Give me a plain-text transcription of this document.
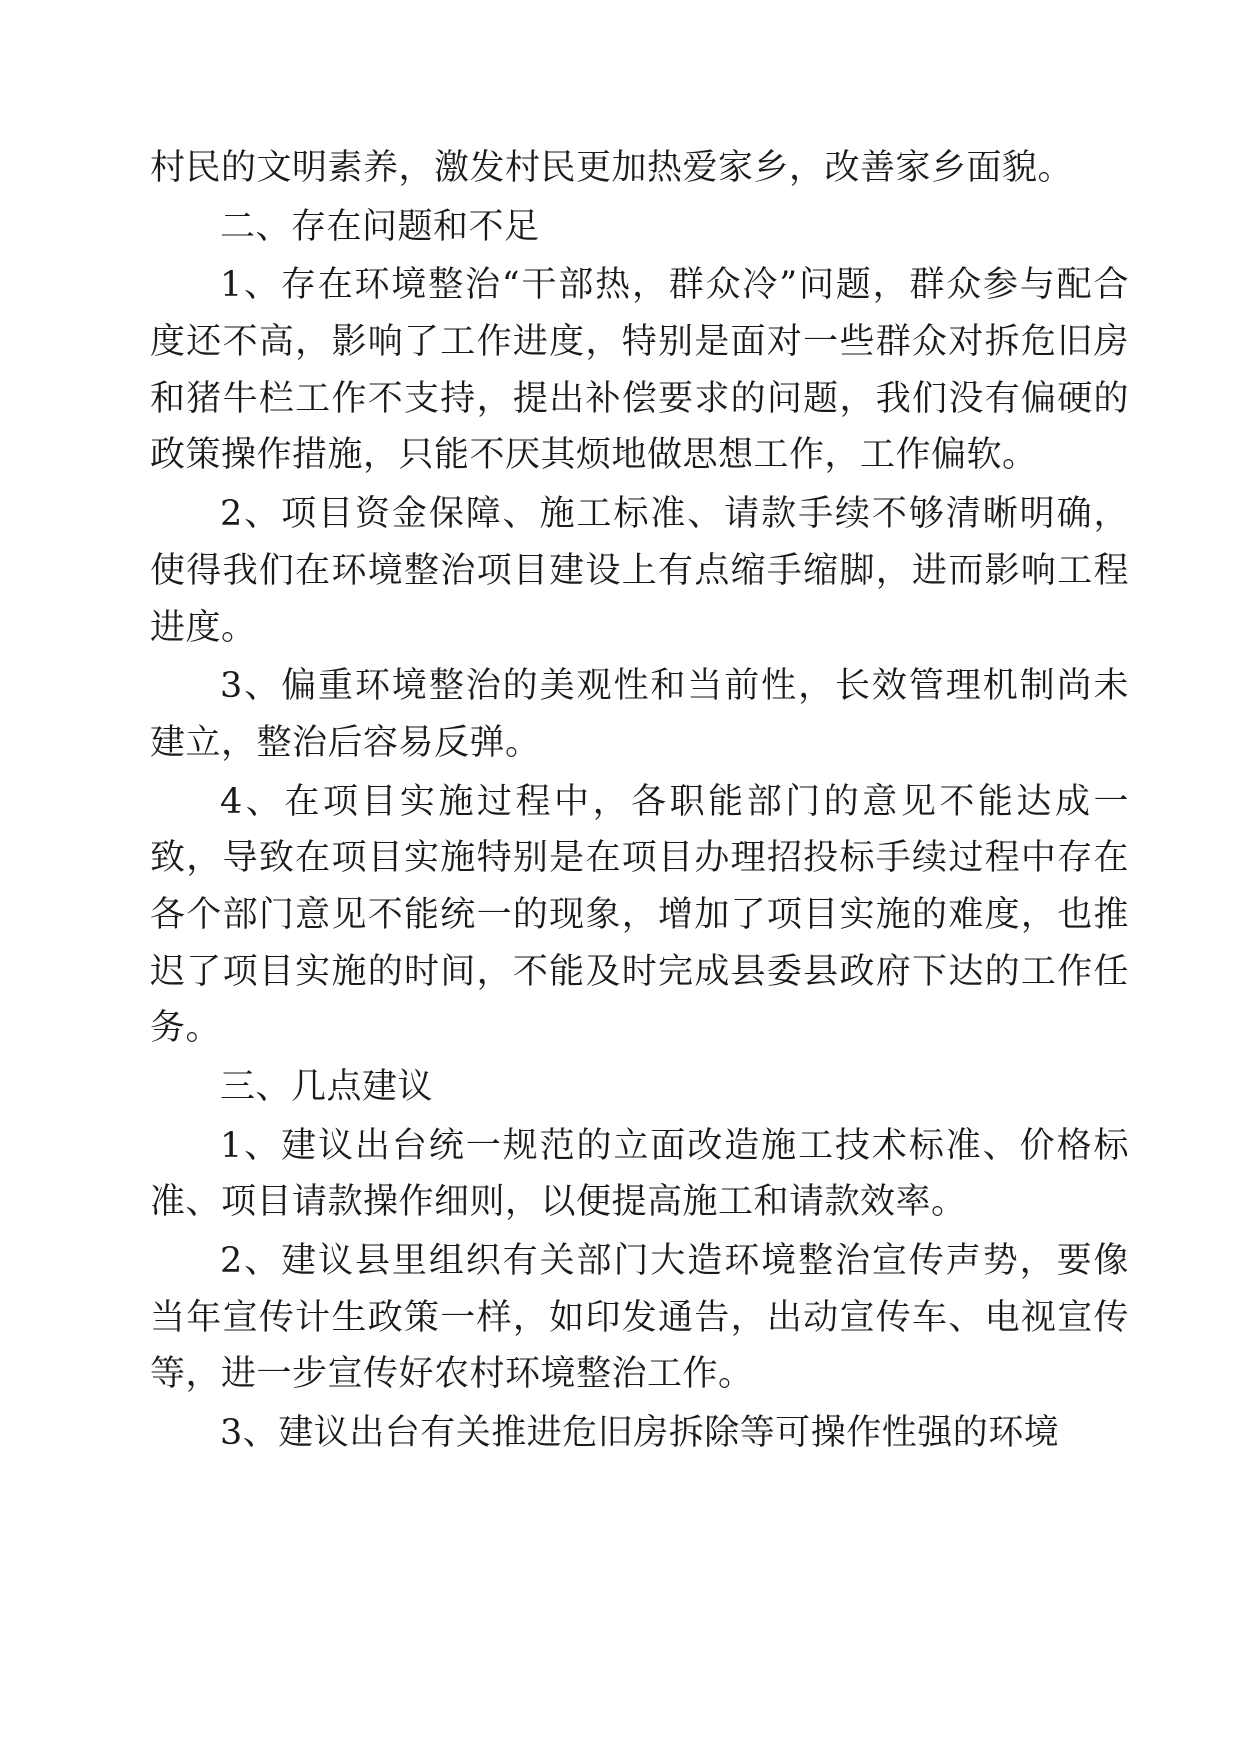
村民的文明素养，激发村民更加热爱家乡，改善家乡面貌。

二、存在问题和不足

1、存在环境整治“干部热，群众冷”问题，群众参与配合度还不高，影响了工作进度，特别是面对一些群众对拆危旧房和猪牛栏工作不支持，提出补偿要求的问题，我们没有偏硬的政策操作措施，只能不厌其烦地做思想工作，工作偏软。

2、项目资金保障、施工标准、请款手续不够清晰明确，使得我们在环境整治项目建设上有点缩手缩脚，进而影响工程进度。

3、偏重环境整治的美观性和当前性，长效管理机制尚未建立，整治后容易反弹。

4、在项目实施过程中，各职能部门的意见不能达成一致，导致在项目实施特别是在项目办理招投标手续过程中存在各个部门意见不能统一的现象，增加了项目实施的难度，也推迟了项目实施的时间，不能及时完成县委县政府下达的工作任务。

三、几点建议

1、建议出台统一规范的立面改造施工技术标准、价格标准、项目请款操作细则，以便提高施工和请款效率。

2、建议县里组织有关部门大造环境整治宣传声势，要像当年宣传计生政策一样，如印发通告，出动宣传车、电视宣传等，进一步宣传好农村环境整治工作。

3、建议出台有关推进危旧房拆除等可操作性强的环境
